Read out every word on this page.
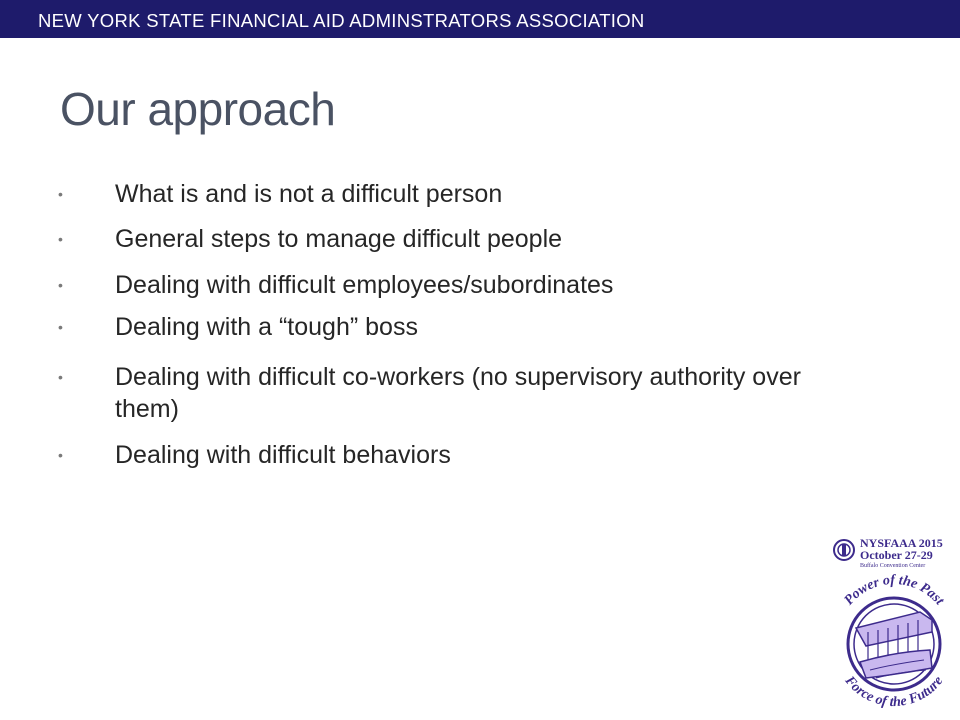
NEW YORK STATE FINANCIAL AID ADMINSTRATORS ASSOCIATION
Our approach
• What is and is not a difficult person
• General steps to manage difficult people
• Dealing with difficult employees/subordinates
• Dealing with a “tough” boss
• Dealing with difficult co-workers (no supervisory authority over them)
• Dealing with difficult behaviors
NYSFAAA 2015
October 27-29
Buffalo Convention Center
Power of the Past
Force of the Future
